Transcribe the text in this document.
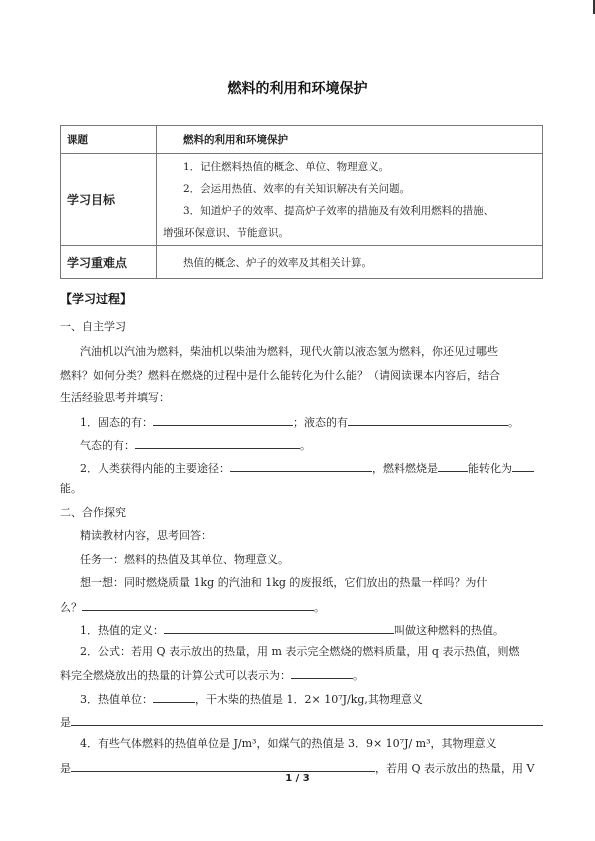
燃料的利用和环境保护
课题	燃料的利用和环境保护
学习目标	1．记住燃料热值的概念、单位、物理意义。
2．会运用热值、效率的有关知识解决有关问题。
3．知道炉子的效率、提高炉子效率的措施及有效利用燃料的措施、
增强环保意识、节能意识。

学习重难点	热值的概念、炉子的效率及其相关计算。
【学习过程】
一、自主学习
汽油机以汽油为燃料，柴油机以柴油为燃料，现代火箭以液态氢为燃料，你还见过哪些
燃料？如何分类？燃料在燃烧的过程中是什么能转化为什么能？（请阅读课本内容后，结合
生活经验思考并填写：
1．固态的有：	；液态的有	。
气态的有：	。
2．人类获得内能的主要途径：	，燃料燃烧是	能转化为
能。
二、合作探究
精读教材内容，思考回答：
任务一：燃料的热值及其单位、物理意义。
想一想：同时燃烧质量 1kg 的汽油和 1kg 的废报纸，它们放出的热量一样吗？为什
么？	。
1．热值的定义：	叫做这种燃料的热值。
2．公式：若用 Q 表示放出的热量，用 m 表示完全燃烧的燃料质量，用 q 表示热值，则燃
料完全燃烧放出的热量的计算公式可以表示为：	。
3．热值单位：	，干木柴的热值是 1．2× 10⁷J/kg,其物理意义
是
4．有些气体燃料的热值单位是 J/m³，如煤气的热值是 3．9× 10⁷J/ m³，其物理意义
是	，若用 Q 表示放出的热量，用 V
1 / 3
